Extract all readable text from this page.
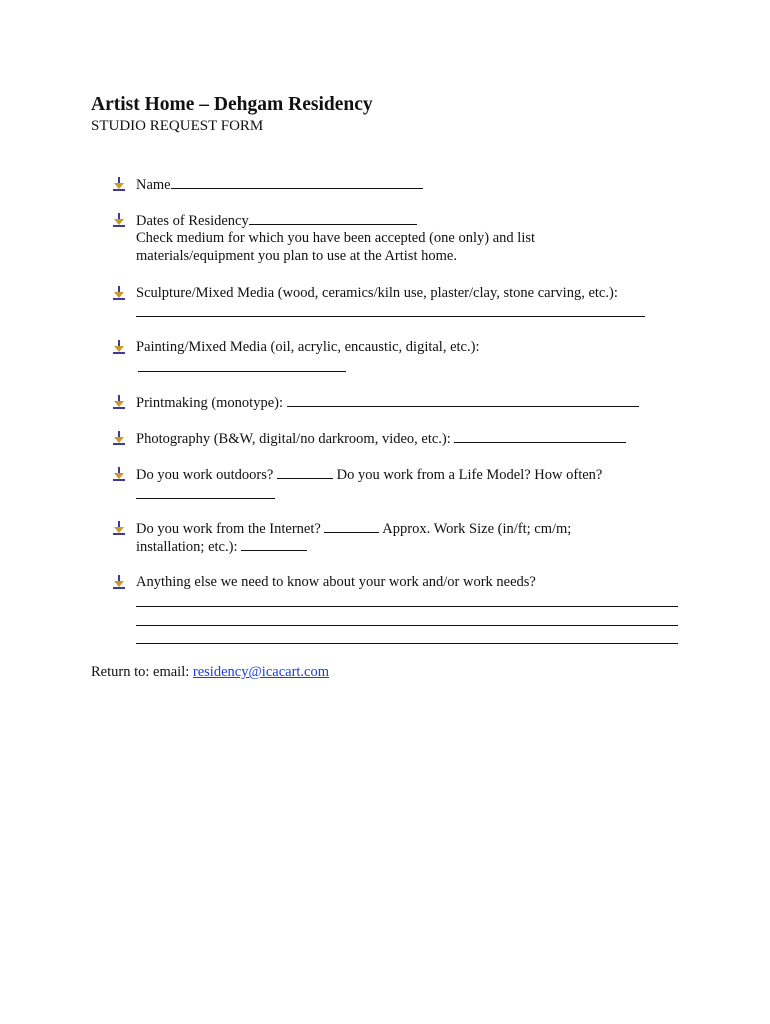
Artist Home – Dehgam Residency
STUDIO REQUEST FORM
Name
Dates of Residency
Check medium for which you have been accepted (one only) and list
materials/equipment you plan to use at the Artist home.
Sculpture/Mixed Media (wood, ceramics/kiln use, plaster/clay, stone carving, etc.):
Painting/Mixed Media (oil, acrylic, encaustic, digital, etc.):
Printmaking (monotype):
Photography (B&W, digital/no darkroom, video, etc.):
Do you work outdoors?	Do you work from a Life Model? How often?
Do you work from the Internet?	Approx. Work Size (in/ft; cm/m;
installation; etc.):
Anything else we need to know about your work and/or work needs?
Return to: email: residency@icacart.com
